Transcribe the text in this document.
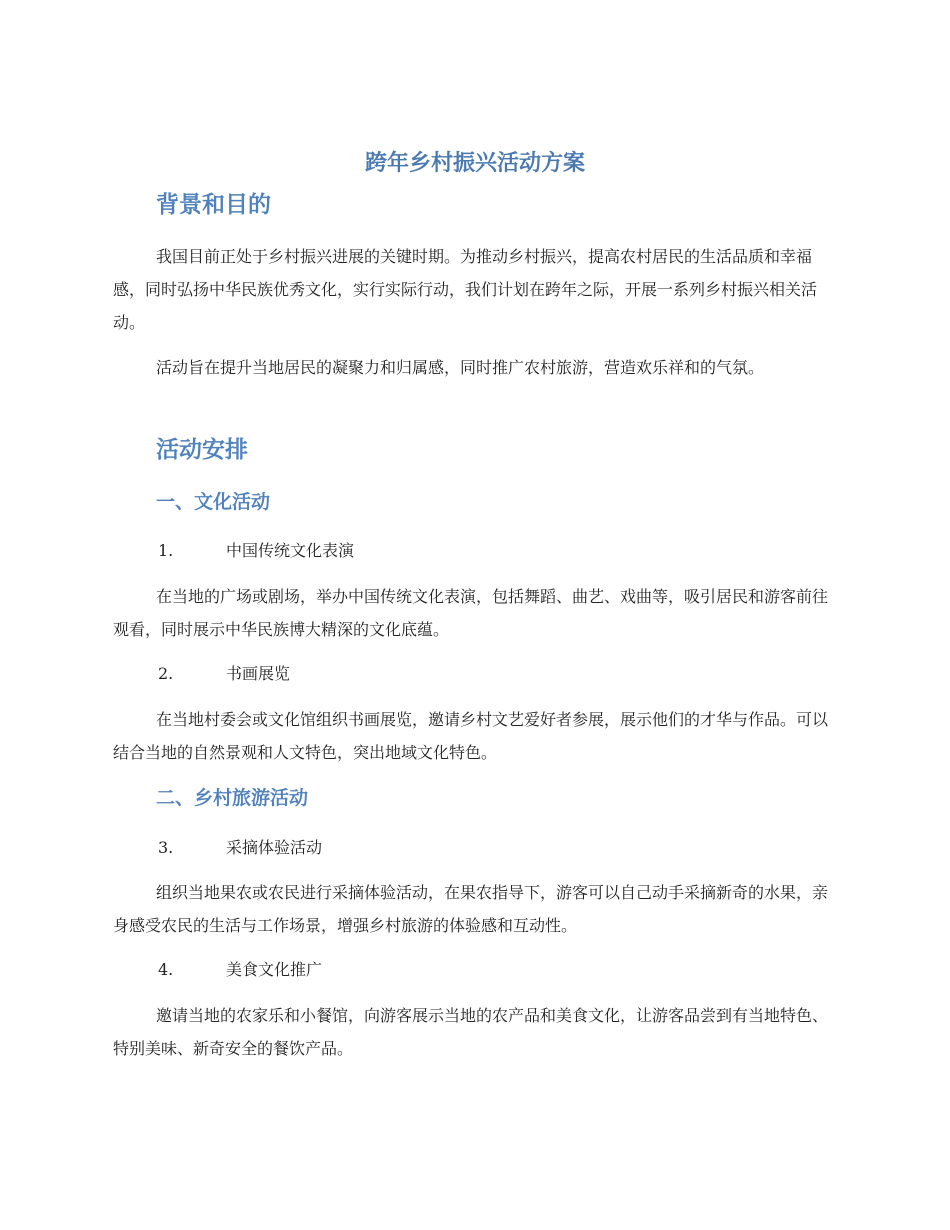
跨年乡村振兴活动方案
背景和目的

我国目前正处于乡村振兴进展的关键时期。为推动乡村振兴，提高农村居民的生活品质和幸福感，同时弘扬中华民族优秀文化，实行实际行动，我们计划在跨年之际，开展一系列乡村振兴相关活动。

活动旨在提升当地居民的凝聚力和归属感，同时推广农村旅游，营造欢乐祥和的气氛。

活动安排
一、文化活动
1.	中国传统文化表演

在当地的广场或剧场，举办中国传统文化表演，包括舞蹈、曲艺、戏曲等，吸引居民和游客前往观看，同时展示中华民族博大精深的文化底蕴。

2.	书画展览

在当地村委会或文化馆组织书画展览，邀请乡村文艺爱好者参展，展示他们的才华与作品。可以结合当地的自然景观和人文特色，突出地域文化特色。

二、乡村旅游活动
3.	采摘体验活动

组织当地果农或农民进行采摘体验活动，在果农指导下，游客可以自己动手采摘新奇的水果，亲身感受农民的生活与工作场景，增强乡村旅游的体验感和互动性。

4.	美食文化推广

邀请当地的农家乐和小餐馆，向游客展示当地的农产品和美食文化，让游客品尝到有当地特色、特别美味、新奇安全的餐饮产品。
